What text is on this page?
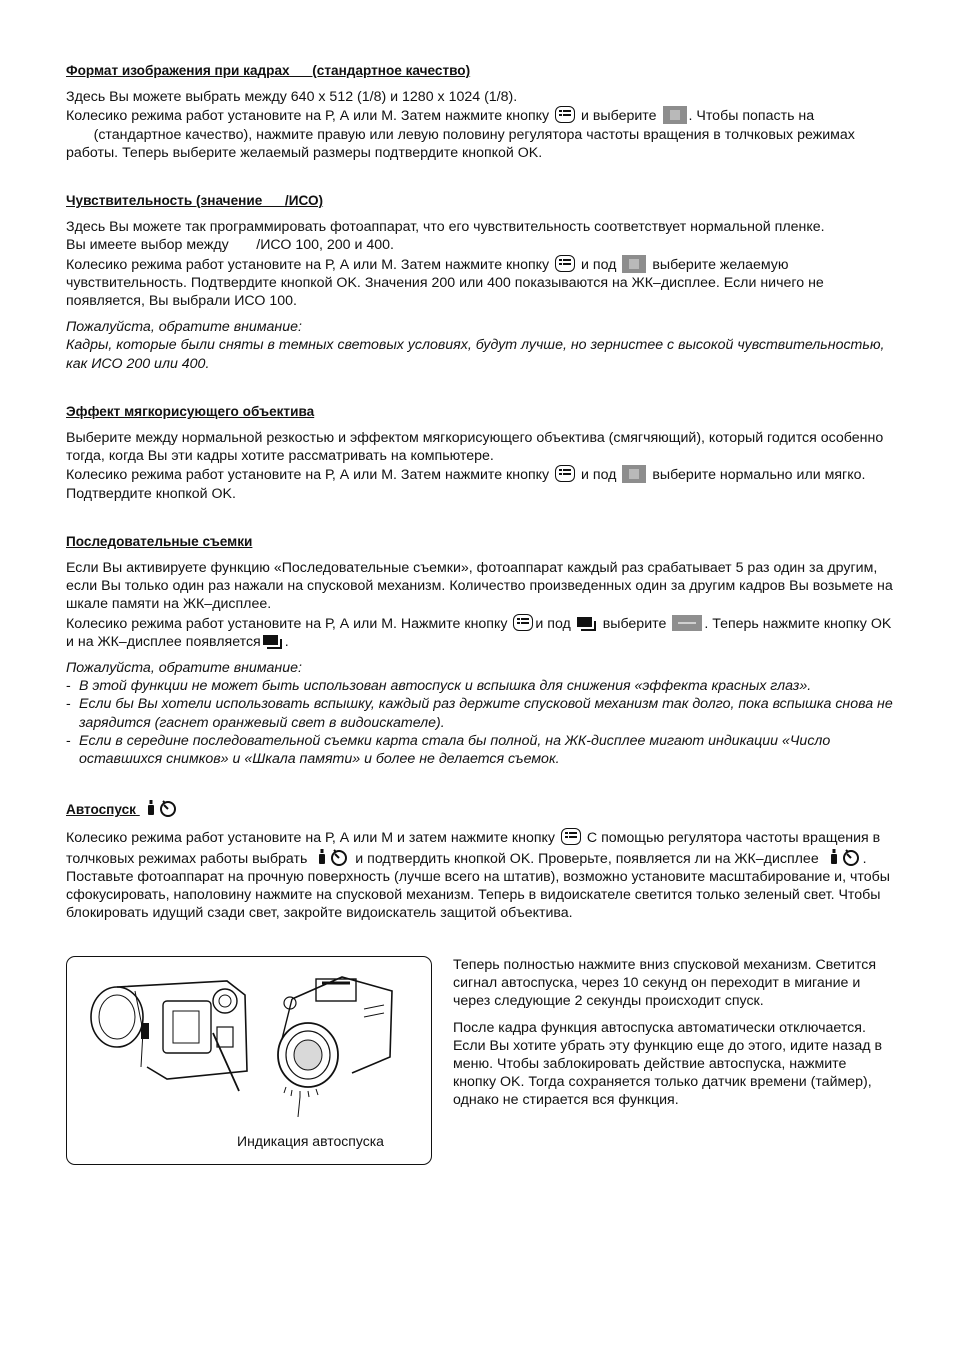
Формат изображения при кадрах      (стандартное качество)
Здесь Вы можете выбрать между 640 x 512 (1/8) и 1280 x 1024 (1/8).
Колесико режима работ установите на Р, А или М. Затем нажмите кнопку и выберите . Чтобы попасть на
(стандартное качество), нажмите правую или левую половину регулятора частоты вращения в толчковых режимах работы. Теперь выберите желаемый размеры подтвердите кнопкой OK.
Чувствительность (значение      /ИСО)
Здесь Вы можете так программировать фотоаппарат, что его чувствительность соответствует нормальной пленке.
Вы имеете выбор между       /ИСО 100, 200 и 400.
Колесико режима работ установите на Р, А или М. Затем нажмите кнопку и под	выберите желаемую чувствительность. Подтвердите кнопкой OK. Значения 200 или 400 показываются на ЖК–дисплее. Если ничего не появляется, Вы выбрали ИСО 100.
Пожалуйста, обратите внимание:
Кадры, которые были сняты в темных световых условиях, будут лучше, но зернистее с высокой чувствительностью, как ИСО 200 или 400.
Эффект мягкорисующего объектива
Выберите между нормальной резкостью и эффектом мягкорисующего объектива (смягчяющий), который годится особенно тогда, когда Вы эти кадры хотите рассматривать на компьютере.
Колесико режима работ установите на Р, А или М. Затем нажмите кнопку и под	выберите нормально или мягко. Подтвердите кнопкой OK.
Последовательные съемки
Если Вы активируете функцию «Последовательные съемки», фотоаппарат каждый раз срабатывает 5 раз один за другим, если Вы только один раз нажали на спусковой механизм. Количество произведенных один за другим кадров Вы возьмете на шкале памяти на ЖК–дисплее.
Колесико режима работ установите на Р, А или М. Нажмите кнопку и под выберите	. Теперь нажмите кнопку OK и на ЖК–дисплее появляется .
Пожалуйста, обратите внимание:
- В этой функции не может быть использован автоспуск и вспышка для снижения «эффекта красных глаз».
- Если бы Вы хотели использовать вспышку, каждый раз держите спусковой механизм так долго, пока вспышка снова не зарядится (гаснет оранжевый свет в видоискателе).
- Если в середине последовательной съемки карта стала бы полной, на ЖК-дисплее мигают индикации «Число оставшихся снимков» и «Шкала памяти» и более не делается съемок.
Автоспуск
Колесико режима работ установите на Р, А или М и затем нажмите кнопку С помощью регулятора частоты вращения в толчковых режимах работы выбрать	и подтвердить кнопкой OK. Проверьте, появляется ли на ЖК–дисплее	.
Поставьте фотоаппарат на прочную поверхность (лучше всего на штатив), возможно установите масштабирование и, чтобы сфокусировать, наполовину нажмите на спусковой механизм. Теперь в видоискателе светится только зеленый свет. Чтобы блокировать идущий сзади свет, закройте видоискатель защитой объектива.
Индикация автоспуска
Теперь полностью нажмите вниз спусковой механизм. Светится сигнал автоспуска, через 10 секунд он переходит в мигание и через следующие 2 секунды происходит спуск.
После кадра функция автоспуска автоматически отключается. Если Вы хотите убрать эту функцию еще до этого, идите назад в меню. Чтобы заблокировать действие автоспуска, нажмите кнопку OK. Тогда сохраняется только датчик времени (таймер), однако не стирается вся функция.
